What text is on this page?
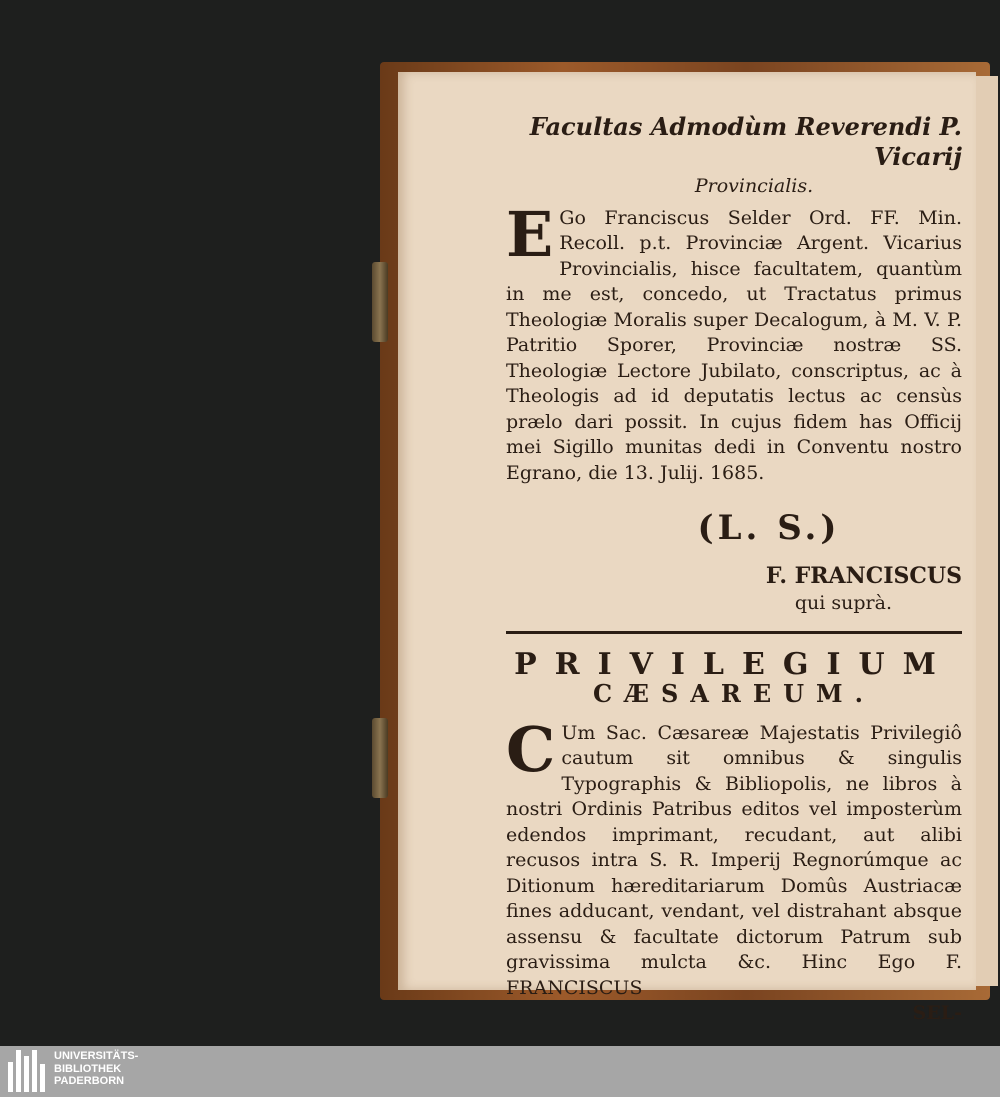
Facultas Admodùm Reverendi P. Vicarij

Provincialis.

E Go Franciscus Selder Ord. FF. Min. Recoll. p.t. Provinciæ Argent. Vicarius Provincialis, hisce facultatem, quantùm in me est, concedo, ut Tractatus primus Theologiæ Moralis super Decalogum, à M. V. P. Patritio Sporer, Provinciæ nostræ SS. Theologiæ Lectore Jubilato, conscriptus, ac à Theologis ad id deputatis lectus ac censùs prælo dari possit. In cujus fidem has Officij mei Sigillo munitas dedi in Conventu nostro Egrano, die 13. Julij. 1685.

(L. S.)

F. FRANCISCUS

qui suprà.

PRIVILEGIUM

CÆSAREUM.

C Um Sac. Cæsareæ Majestatis Privilegiô cautum sit omnibus & singulis Typographis & Bibliopolis, ne libros à nostri Ordinis Patribus editos vel imposterùm edendos imprimant, recudant, aut alibi recusos intra S. R. Imperij Regnorúmque ac Ditionum hæreditariarum Domûs Austriacæ fines adducant, vendant, vel distrahant absque assensu & facultate dictorum Patrum sub gravissima mulcta &c. Hinc Ego F. FRANCISCUS

SEL-

UNIVERSITÄTS-
BIBLIOTHEK
PADERBORN
